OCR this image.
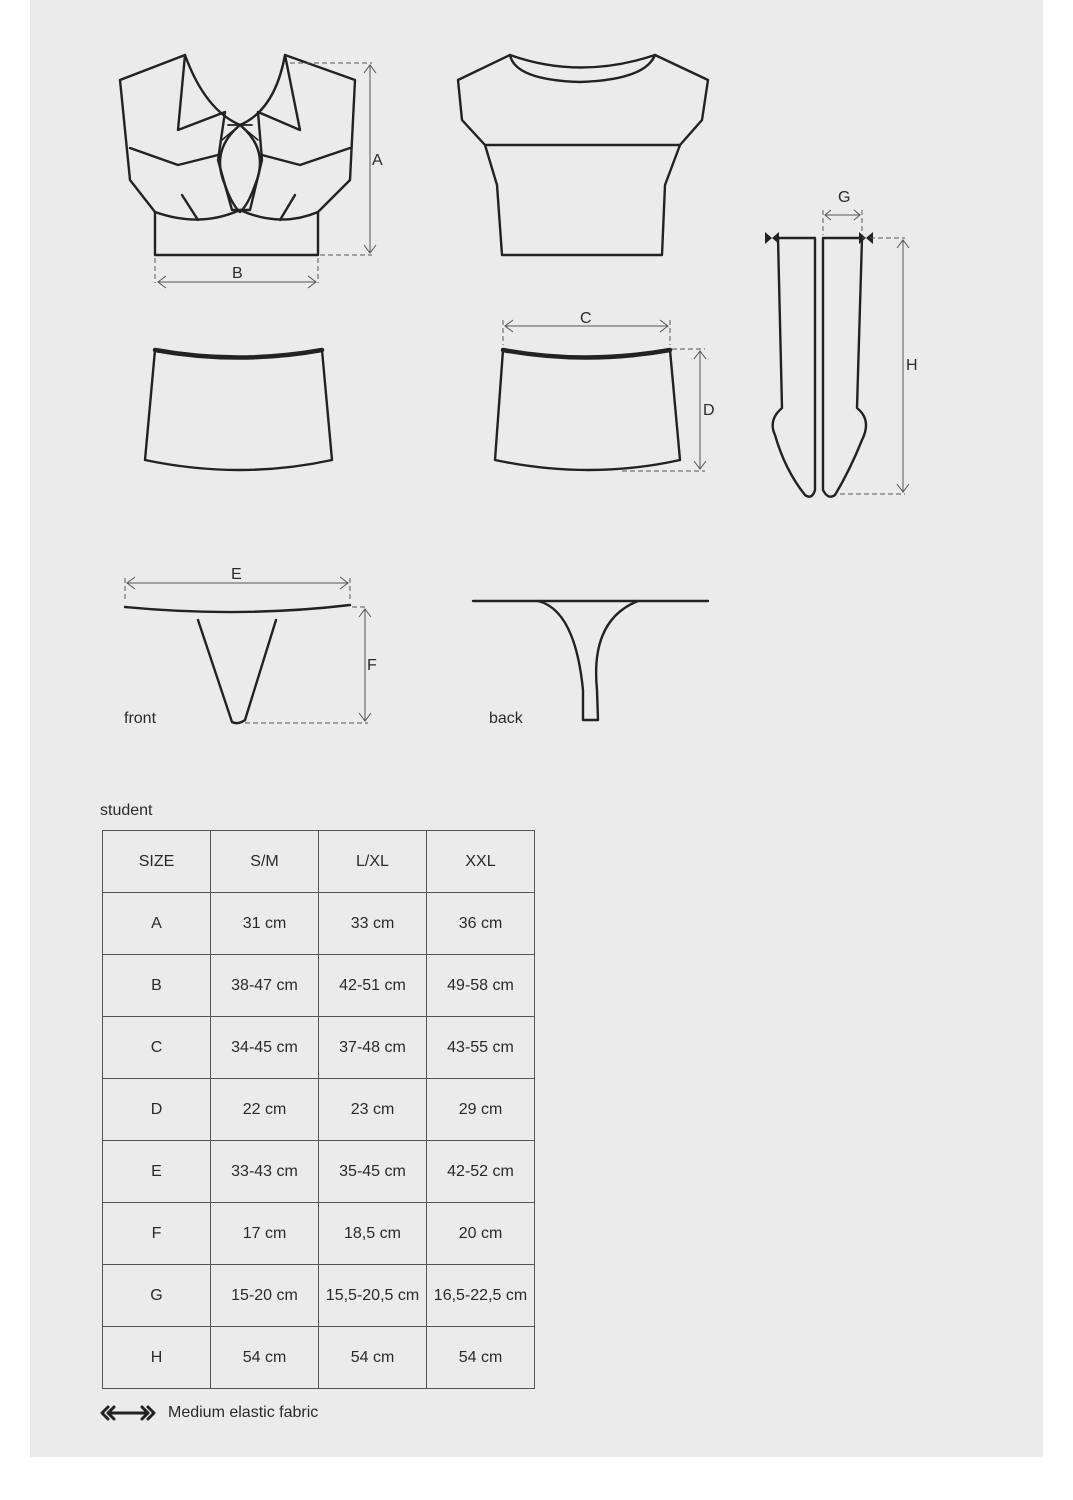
A
B
C
D
G
H
E
F
front	back
student
SIZE	S/M	L/XL	XXL
A	31 cm	33 cm	36 cm
B	38-47 cm	42-51 cm	49-58 cm
C	34-45 cm	37-48 cm	43-55 cm
D	22 cm	23 cm	29 cm
E	33-43 cm	35-45 cm	42-52 cm
F	17 cm	18,5 cm	20 cm
G	15-20 cm	15,5-20,5 cm	16,5-22,5 cm
H	54 cm	54 cm	54 cm
Medium elastic fabric
